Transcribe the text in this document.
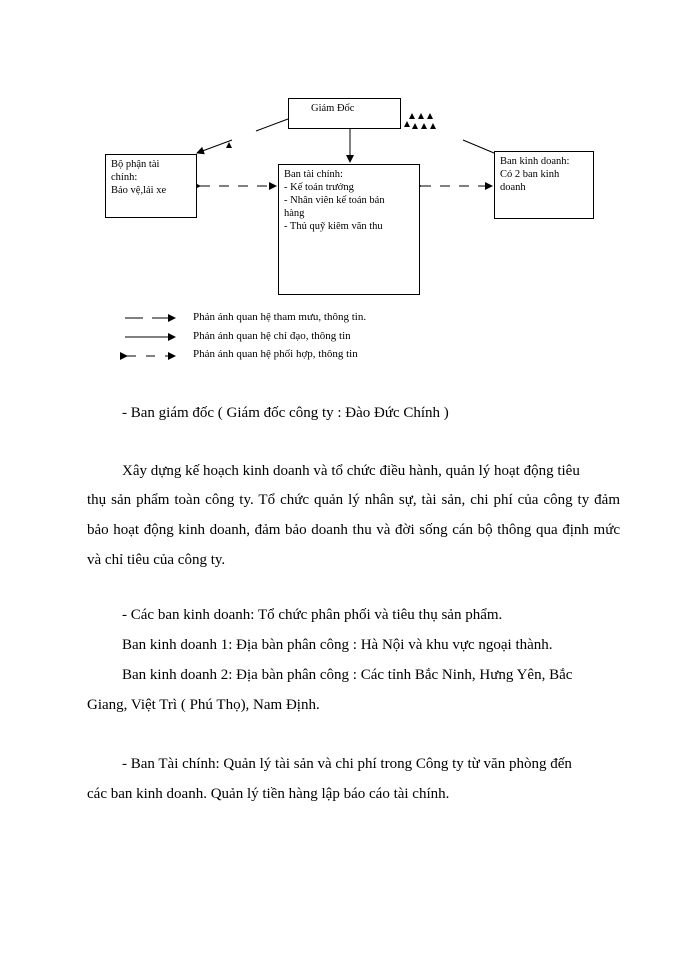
Giám Đốc
Bộ phận tài
chính:
Bảo vệ,lái xe
Ban tài chính:
- Kế toán trưởng
- Nhân viên kế toán bán
hàng
- Thủ quỹ kiêm văn thu
Ban kinh doanh:
Có 2 ban kinh
doanh
Phản ánh quan hệ tham mưu, thông tin.
Phản ánh quan hệ chỉ đạo, thông tin
Phản ánh quan hệ phối hợp, thông tin
- Ban giám đốc ( Giám đốc công ty : Đào Đức Chính )
Xây dựng kế hoạch kinh doanh và tổ chức điều hành, quản lý hoạt động tiêu
thụ sản phẩm toàn công ty. Tổ chức quản lý nhân sự, tài sản, chi phí của công ty đảm bảo hoạt động kinh doanh, đảm bảo doanh thu và đời sống cán bộ thông qua định mức và chỉ tiêu của công ty.
- Các ban kinh doanh: Tổ chức phân phối và tiêu thụ sản phẩm.
Ban kinh doanh 1: Địa bàn phân công : Hà Nội và khu vực ngoại thành.
Ban kinh doanh 2: Địa bàn phân công : Các tỉnh Bắc Ninh, Hưng Yên, Bắc
Giang, Việt Trì ( Phú Thọ), Nam Định.
- Ban Tài chính: Quản lý tài sản và chi phí trong Công ty từ văn phòng đến
các ban kinh doanh. Quản lý tiền hàng lập báo cáo tài chính.
